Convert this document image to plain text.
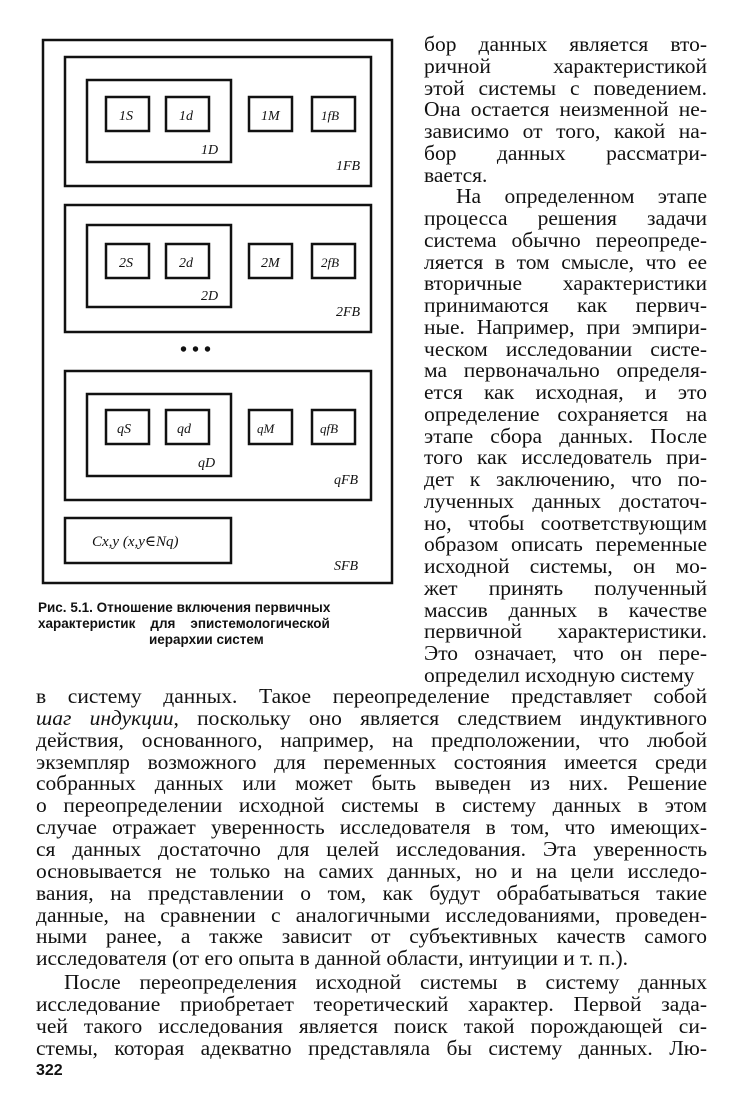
1S	1d	1M	1fB
1D
1FB
2S	2d	2M	2fB
2D
2FB
• • •
qS	qd	qM	qfB
qD
qFB
Cx,y (x,y∈Nq)
SFB
Рис. 5.1. Отношение включения первичных
характеристик    для    эпистемологической
иерархии систем
бор данных является вто-
ричной характеристикой
этой системы с поведением.
Она остается неизменной не-
зависимо от того, какой на-
бор данных рассматри-
вается.
На определенном этапе
процесса решения задачи
система обычно переопреде-
ляется в том смысле, что ее
вторичные характеристики
принимаются как первич-
ные. Например, при эмпири-
ческом исследовании систе-
ма первоначально определя-
ется как исходная, и это
определение сохраняется на
этапе сбора данных. После
того как исследователь при-
дет к заключению, что по-
лученных данных достаточ-
но, чтобы соответствующим
образом описать переменные
исходной системы, он мо-
жет принять полученный
массив данных в качестве
первичной характеристики.
Это означает, что он пере-
определил исходную систему
в систему данных. Такое переопределение представляет собой
шаг индукции, поскольку оно является следствием индуктивного
действия, основанного, например, на предположении, что любой
экземпляр возможного для переменных состояния имеется среди
собранных данных или может быть выведен из них. Решение
о переопределении исходной системы в систему данных в этом
случае отражает уверенность исследователя в том, что имеющих-
ся данных достаточно для целей исследования. Эта уверенность
основывается не только на самих данных, но и на цели исследо-
вания, на представлении о том, как будут обрабатываться такие
данные, на сравнении с аналогичными исследованиями, проведен-
ными ранее, а также зависит от субъективных качеств самого
исследователя (от его опыта в данной области, интуиции и т. п.).
После переопределения исходной системы в систему данных
исследование приобретает теоретический характер. Первой зада-
чей такого исследования является поиск такой порождающей си-
стемы, которая адекватно представляла бы систему данных. Лю-
322
